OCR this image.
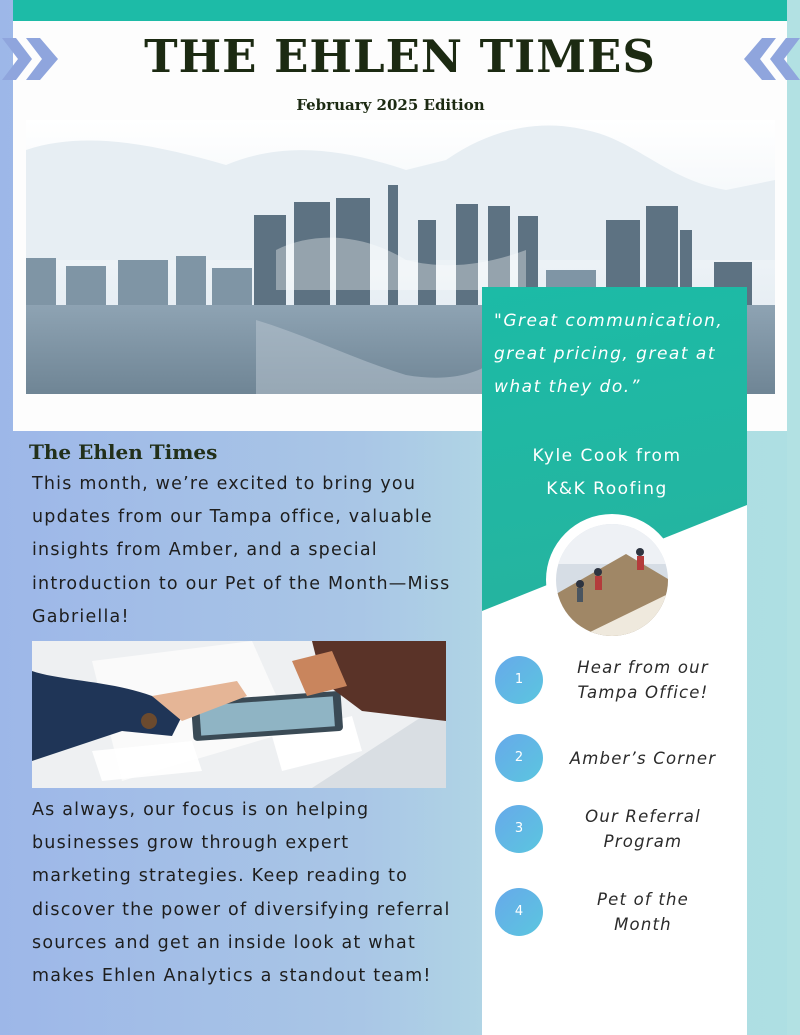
THE EHLEN TIMES
February 2025 Edition
"Great communication, great pricing, great at what they do.”
Kyle Cook from
K&K Roofing
1
Hear from our
Tampa Office!
2	Amber’s Corner
3
Our Referral
Program
4
Pet of the
Month
The Ehlen Times
This month, we’re excited to bring you updates from our Tampa office, valuable insights from Amber, and a special introduction to our Pet of the Month—Miss Gabriella!
As always, our focus is on helping businesses grow through expert marketing strategies. Keep reading to discover the power of diversifying referral sources and get an inside look at what makes Ehlen Analytics a standout team!
